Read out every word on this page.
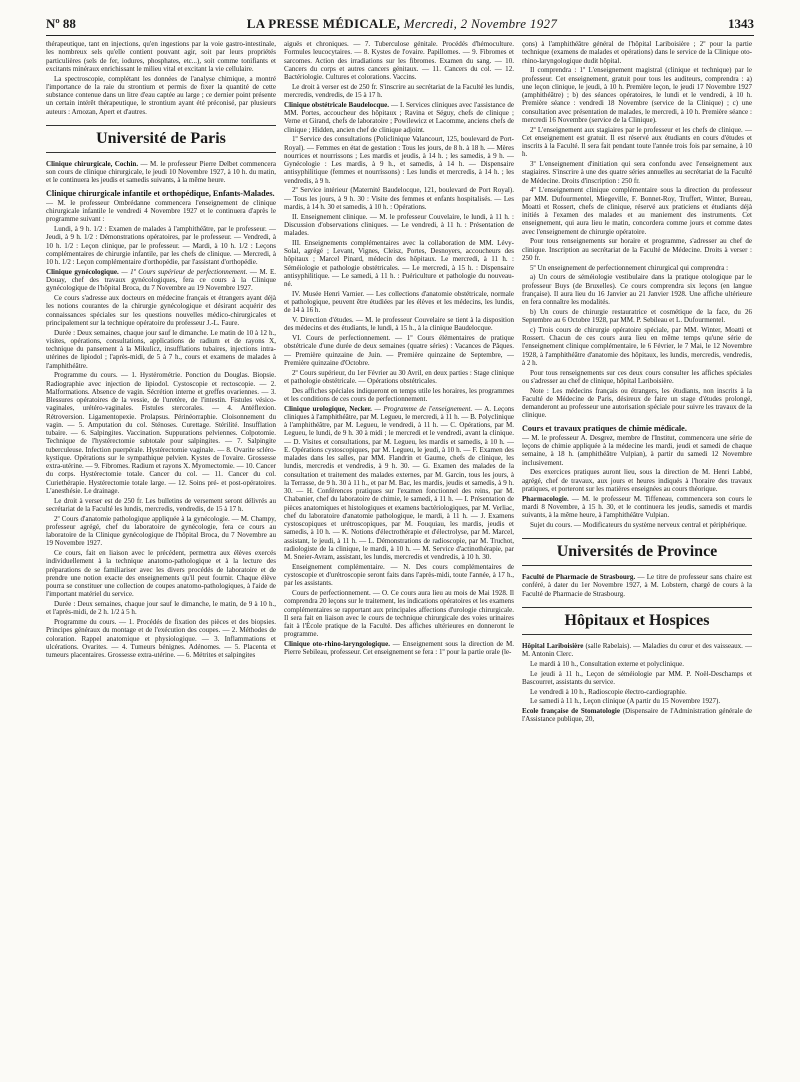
Nº 88	LA PRESSE MÉDICALE, Mercredi, 2 Novembre 1927	1343

thérapeutique, tant en injections, qu'en ingestions par la voie gastro-intestinale, les nombreux sels qu'elle contient pouvant agir, soit par leurs propriétés particulières (sels de fer, iodures, phosphates, etc...), soit comme tonifiants et excitants minéraux enrichissant le milieu vital et excitant la vie cellulaire.

La spectroscopie, complétant les données de l'analyse chimique, a montré l'importance de la raie du strontium et permis de fixer la quantité de cette substance contenue dans un litre d'eau captée au large ; ce dernier point présente un certain intérêt thérapeutique, le strontium ayant été préconisé, par plusieurs auteurs : Arnozan, Apert et d'autres.

Université de Paris

Clinique chirurgicale, Cochin. — M. le professeur Pierre Delbet commencera son cours de clinique chirurgicale, le jeudi 10 Novembre 1927, à 10 h. du matin, et le continuera les jeudis et samedis suivants, à la même heure.

Clinique chirurgicale infantile et orthopédique, Enfants-Malades.

— M. le professeur Ombrédanne commencera l'enseignement de clinique chirurgicale infantile le vendredi 4 Novembre 1927 et le continuera d'après le programme suivant :

Lundi, à 9 h. 1/2 : Examen de malades à l'amphithéâtre, par le professeur. — Jeudi, à 9 h. 1/2 : Démonstrations opératoires, par le professeur. — Vendredi, à 10 h. 1/2 : Leçon clinique, par le professeur. — Mardi, à 10 h. 1/2 : Leçons complémentaires de chirurgie infantile, par les chefs de clinique. — Mercredi, à 10 h. 1/2 : Leçon complémentaire d'orthopédie, par l'assistant d'orthopédie.

Clinique gynécologique. — 1º Cours supérieur de perfectionnement. — M. E. Douay, chef des travaux gynécologiques, fera ce cours à la Clinique gynécologique de l'hôpital Broca, du 7 Novembre au 19 Novembre 1927.

Ce cours s'adresse aux docteurs en médecine français et étrangers ayant déjà les notions courantes de la chirurgie gynécologique et désirant acquérir des connaissances spéciales sur les questions nouvelles médico-chirurgicales et principalement sur la technique opératoire du professeur J.-L. Faure.

Durée : Deux semaines, chaque jour sauf le dimanche. Le matin de 10 à 12 h., visites, opérations, consultations, applications de radium et de rayons X, technique du pansement à la Mikulicz, insufflations tubaires, injections intra-utérines de lipiodol ; l'après-midi, de 5 à 7 h., cours et examens de malades à l'amphithéâtre.

Programme du cours. — 1. Hystérométrie. Ponction du Douglas. Biopsie. Radiographie avec injection de lipiodol. Cystoscopie et rectoscopie. — 2. Malformations. Absence de vagin. Sécrétion interne et greffes ovariennes. — 3. Blessures opératoires de la vessie, de l'uretère, de l'intestin. Fistules vésico-vaginales, urétéro-vaginales. Fistules stercorales. — 4. Antéflexion. Rétroversion. Ligamentopexie. Prolapsus. Périnéorraphie. Cloisonnement du vagin. — 5. Amputation du col. Sténoses. Curettage. Stérilité. Insufflation tubaire. — 6. Salpingites. Vaccination. Suppurations pelviennes. Colpotomie. Technique de l'hystérectomie subtotale pour salpingites. — 7. Salpingite tuberculeuse. Infection puerpérale. Hystérectomie vaginale. — 8. Ovarite scléro-kystique. Opérations sur le sympathique pelvien. Kystes de l'ovaire. Grossesse extra-utérine. — 9. Fibromes. Radium et rayons X. Myomectomie. — 10. Cancer du corps. Hystérectomie totale. Cancer du col. — 11. Cancer du col. Curiethérapie. Hystérectomie totale large. — 12. Soins pré- et post-opératoires. L'anesthésie. Le drainage.

Le droit à verser est de 250 fr. Les bulletins de versement seront délivrés au secrétariat de la Faculté les lundis, mercredis, vendredis, de 15 à 17 h.

2º Cours d'anatomie pathologique appliquée à la gynécologie. — M. Champy, professeur agrégé, chef du laboratoire de gynécologie, fera ce cours au laboratoire de la Clinique gynécologique de l'hôpital Broca, du 7 Novembre au 19 Novembre 1927.

Ce cours, fait en liaison avec le précédent, permettra aux élèves exercés individuellement à la technique anatomo-pathologique et à la lecture des préparations de se familiariser avec les divers procédés de laboratoire et de prendre une notion exacte des enseignements qu'il peut fournir. Chaque élève pourra se constituer une collection de coupes anatomo-pathologiques, à l'aide de l'important matériel du service.

Durée : Deux semaines, chaque jour sauf le dimanche, le matin, de 9 à 10 h., et l'après-midi, de 2 h. 1/2 à 5 h.

Programme du cours. — 1. Procédés de fixation des pièces et des biopsies. Principes généraux du montage et de l'exécution des coupes. — 2. Méthodes de coloration. Rappel anatomique et physiologique. — 3. Inflammations et ulcérations. Ovarites. — 4. Tumeurs bénignes. Adénomes. — 5. Placenta et tumeurs placentaires. Grossesse extra-utérine. — 6. Métrites et salpingites

aiguës et chroniques. — 7. Tuberculose génitale. Procédés d'hémoculture. Formules leucocytaires. — 8. Kystes de l'ovaire. Papillomes. — 9. Fibromes et sarcomes. Action des irradiations sur les fibromes. Examen du sang. — 10. Cancers du corps et autres cancers génitaux. — 11. Cancers du col. — 12. Bactériologie. Cultures et colorations. Vaccins.

Le droit à verser est de 250 fr. S'inscrire au secrétariat de la Faculté les lundis, mercredis, vendredis, de 15 à 17 h.

Clinique obstétricale Baudelocque. — I. Services cliniques avec l'assistance de MM. Portes, accoucheur des hôpitaux ; Ravina et Séguy, chefs de clinique ; Verne et Girand, chefs de laboratoire ; Powilewicz et Lacomme, anciens chefs de clinique ; Hidden, ancien chef de clinique adjoint.

1º Service des consultations (Policlinique Valancourt, 125, boulevard de Port-Royal). — Femmes en état de gestation : Tous les jours, de 8 h. à 18 h. — Mères nourrices et nourrissons ; Les mardis et jeudis, à 14 h. ; les samedis, à 9 h. — Gynécologie : Les mardis, à 9 h., et samedis, à 14 h. — Dispensaire antisyphilitique (femmes et nourrissons) : Les lundis et mercredis, à 14 h. ; les vendredis, à 9 h.

2º Service intérieur (Maternité Baudelocque, 121, boulevard de Port Royal). — Tous les jours, à 9 h. 30 : Visite des femmes et enfants hospitalisés. — Les mardis, à 14 h. 30 et samedis, à 10 h. : Opérations.

II. Enseignement clinique. — M. le professeur Couvelaire, le lundi, à 11 h. : Discussion d'observations cliniques. — Le vendredi, à 11 h. : Présentation de malades.

III. Enseignements complémentaires avec la collaboration de MM. Lévy-Solal, agrégé ; Levant, Vignes, Cleisz, Portes, Desnoyers, accoucheurs des hôpitaux ; Marcel Pinard, médecin des hôpitaux. Le mercredi, à 11 h. : Séméiologie et pathologie obstétricales. — Le mercredi, à 15 h. : Dispensaire antisyphilitique. — Le samedi, à 11 h. : Puériculture et pathologie du nouveau-né.

IV. Musée Henri Varnier. — Les collections d'anatomie obstétricale, normale et pathologique, peuvent être étudiées par les élèves et les médecins, les lundis, de 14 à 16 h.

V. Direction d'études. — M. le professeur Couvelaire se tient à la disposition des médecins et des étudiants, le lundi, à 15 h., à la clinique Baudelocque.

VI. Cours de perfectionnement. — 1º Cours élémentaires de pratique obstétricale d'une durée de deux semaines (quatre séries) : Vacances de Pâques. — Première quinzaine de Juin. — Première quinzaine de Septembre, — Première quinzaine d'Octobre.

2º Cours supérieur, du 1er Février au 30 Avril, en deux parties : Stage clinique et pathologie obstétricale. — Opérations obstétricales.

Des affiches spéciales indiqueront en temps utile les horaires, les programmes et les conditions de ces cours de perfectionnement.

Clinique urologique, Necker. — Programme de l'enseignement. — A. Leçons cliniques à l'amphithéâtre, par M. Legueu, le mercredi, à 11 h. — B. Polyclinique à l'amphithéâtre, par M. Legueu, le vendredi, à 11 h. — C. Opérations, par M. Legueu, le lundi, de 9 h. 30 à midi ; le mercredi et le vendredi, avant la clinique. — D. Visites et consultations, par M. Legueu, les mardis et samedis, à 10 h. — E. Opérations cystoscopiques, par M. Legueu, le jeudi, à 10 h. — F. Examen des malades dans les salles, par MM. Flandrin et Gaume, chefs de clinique, les lundis, mercredis et vendredis, à 9 h. 30. — G. Examen des malades de la consultation et traitement des malades externes, par M. Garcin, tous les jours, à la Terrasse, de 9 h. 30 à 11 h., et par M. Bac, les mardis, jeudis et samedis, à 9 h. 30. — H. Conférences pratiques sur l'examen fonctionnel des reins, par M. Chabanier, chef du laboratoire de chimie, le samedi, à 11 h. — I. Présentation de pièces anatomiques et histologiques et examens bactériologiques, par M. Verliac, chef du laboratoire d'anatomie pathologique, le mardi, à 11 h. — J. Examens cystoscopiques et urétroscopiques, par M. Fouquiau, les mardis, jeudis et samedis, à 10 h. — K. Notions d'électrothérapie et d'électrolyse, par M. Marcel, assistant, le jeudi, à 11 h. — L. Démonstrations de radioscopie, par M. Truchot, radiologiste de la clinique, le mardi, à 10 h. — M. Service d'actinothérapie, par M. Sneier-Avram, assistant, les lundis, mercredis et vendredis, à 10 h. 30.

Enseignement complémentaire. — N. Des cours complémentaires de cystoscopie et d'urétroscopie seront faits dans l'après-midi, toute l'année, à 17 h., par les assistants.

Cours de perfectionnement. — O. Ce cours aura lieu au mois de Mai 1928. Il comprendra 20 leçons sur le traitement, les indications opératoires et les examens complémentaires se rapportant aux principales affections d'urologie chirurgicale. Il sera fait en liaison avec le cours de technique chirurgicale des voies urinaires fait à l'École pratique de la Faculté. Des affiches ultérieures en donneront le programme.

Clinique oto-rhino-laryngologique. — Enseignement sous la direction de M. Pierre Sebileau, professeur. Cet enseignement se fera : 1º pour la partie orale (le-

çons) à l'amphithéâtre général de l'hôpital Lariboisière ; 2º pour la partie technique (examens de malades et opérations) dans le service de la Clinique oto-rhino-laryngologique dudit hôpital.

Il comprendra : 1º L'enseignement magistral (clinique et technique) par le professeur. Cet enseignement, gratuit pour tous les auditeurs, comprendra : a) une leçon clinique, le jeudi, à 10 h. Première leçon, le jeudi 17 Novembre 1927 (amphithéâtre) ; b) des séances opératoires, le lundi et le vendredi, à 10 h. Première séance : vendredi 18 Novembre (service de la Clinique) ; c) une consultation avec présentation de malades, le mercredi, à 10 h. Première séance : mercredi 16 Novembre (service de la Clinique).

2º L'enseignement aux stagiaires par le professeur et les chefs de clinique. — Cet enseignement est gratuit. Il est réservé aux étudiants en cours d'études et inscrits à la Faculté. Il sera fait pendant toute l'année trois fois par semaine, à 10 h.

3º L'enseignement d'initiation qui sera confondu avec l'enseignement aux stagiaires. S'inscrire à une des quatre séries annuelles au secrétariat de la Faculté de Médecine. Droits d'inscription : 250 fr.

4º L'enseignement clinique complémentaire sous la direction du professeur par MM. Dufourmentel, Miegeville, F. Bonnet-Roy, Truffert, Winter, Bureau, Moatti et Rossert, chefs de clinique, réservé aux praticiens et étudiants déjà initiés à l'examen des malades et au maniement des instruments. Cet enseignement, qui aura lieu le matin, concordera comme jours et comme dates avec l'enseignement de chirurgie opératoire.

Pour tous renseignements sur horaire et programme, s'adresser au chef de clinique. Inscription au secrétariat de la Faculté de Médecine. Droits à verser : 250 fr.

5º Un enseignement de perfectionnement chirurgical qui comprendra :

a) Un cours de séméiologie vestibulaire dans la pratique otologique par le professeur Buys (de Bruxelles). Ce cours comprendra six leçons (en langue française). Il aura lieu du 16 Janvier au 21 Janvier 1928. Une affiche ultérieure en fera connaître les modalités.

b) Un cours de chirurgie restauratrice et cosmétique de la face, du 26 Septembre au 6 Octobre 1928, par MM. P. Sebileau et L. Dufourmentel.

c) Trois cours de chirurgie opératoire spéciale, par MM. Winter, Moatti et Rossert. Chacun de ces cours aura lieu en même temps qu'une série de l'enseignement clinique complémentaire, le 6 Février, le 7 Mai, le 12 Novembre 1928, à l'amphithéâtre d'anatomie des hôpitaux, les lundis, mercredis, vendredis, à 2 h.

Pour tous renseignements sur ces deux cours consulter les affiches spéciales ou s'adresser au chef de clinique, hôpital Lariboisière.

Note : Les médecins français ou étrangers, les étudiants, non inscrits à la Faculté de Médecine de Paris, désireux de faire un stage d'études prolongé, demanderont au professeur une autorisation spéciale pour suivre les travaux de la clinique.

Cours et travaux pratiques de chimie médicale.

— M. le professeur A. Desgrez, membre de l'Institut, commencera une série de leçons de chimie appliquée à la médecine les mardi, jeudi et samedi de chaque semaine, à 18 h. (amphithéâtre Vulpian), à partir du samedi 12 Novembre inclusivement.

Des exercices pratiques auront lieu, sous la direction de M. Henri Labbé, agrégé, chef de travaux, aux jours et heures indiqués à l'horaire des travaux pratiques, et porteront sur les matières enseignées au cours théorique.

Pharmacologie. — M. le professeur M. Tiffeneau, commencera son cours le mardi 8 Novembre, à 15 h. 30, et le continuera les jeudis, samedis et mardis suivants, à la même heure, à l'amphithéâtre Vulpian.

Sujet du cours. — Modificateurs du système nerveux central et périphérique.

Universités de Province

Faculté de Pharmacie de Strasbourg. — Le titre de professeur sans chaire est conféré, à dater du 1er Novembre 1927, à M. Lobstern, chargé de cours à la Faculté de Pharmacie de Strasbourg.

Hôpitaux et Hospices

Hôpital Lariboisière (salle Rabelais). — Maladies du cœur et des vaisseaux. — M. Antonin Clerc.

Le mardi à 10 h., Consultation externe et polyclinique.

Le jeudi à 11 h., Leçon de séméiologie par MM. P. Noël-Deschamps et Bascourret, assistants du service.

Le vendredi à 10 h., Radioscopie électro-cardiographie.

Le samedi à 11 h., Leçon clinique (A partir du 15 Novembre 1927).

Ecole française de Stomatologie (Dispensaire de l'Administration générale de l'Assistance publique, 20,
